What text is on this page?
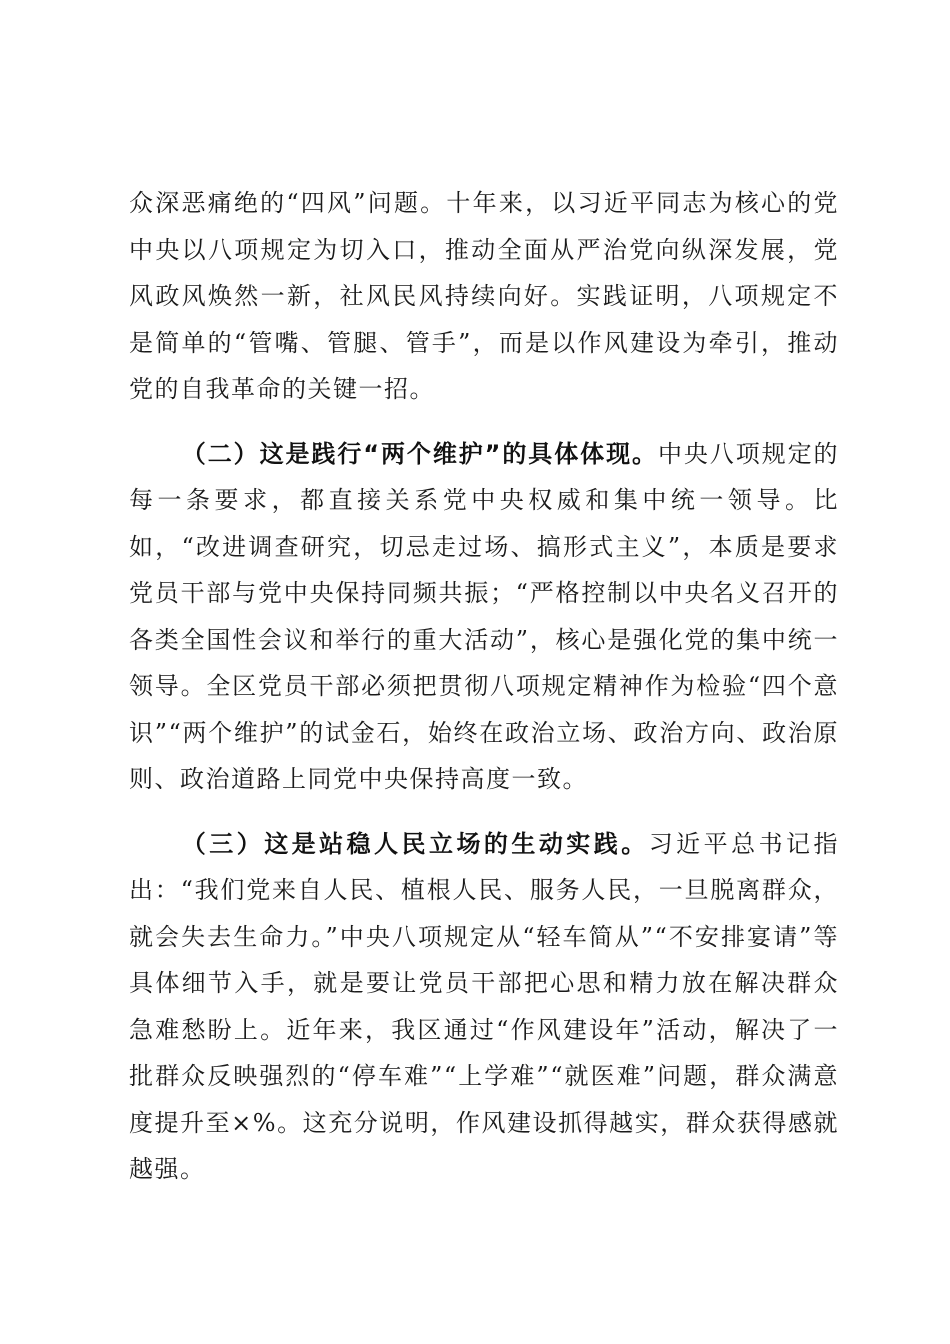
众深恶痛绝的“四风”问题。十年来，以习近平同志为核心的党中央以八项规定为切入口，推动全面从严治党向纵深发展，党风政风焕然一新，社风民风持续向好。实践证明，八项规定不是简单的“管嘴、管腿、管手”，而是以作风建设为牵引，推动党的自我革命的关键一招。

（二）这是践行“两个维护”的具体体现。中央八项规定的每一条要求，都直接关系党中央权威和集中统一领导。比如，“改进调查研究，切忌走过场、搞形式主义”，本质是要求党员干部与党中央保持同频共振；“严格控制以中央名义召开的各类全国性会议和举行的重大活动”，核心是强化党的集中统一领导。全区党员干部必须把贯彻八项规定精神作为检验“四个意识”“两个维护”的试金石，始终在政治立场、政治方向、政治原则、政治道路上同党中央保持高度一致。

（三）这是站稳人民立场的生动实践。习近平总书记指出：“我们党来自人民、植根人民、服务人民，一旦脱离群众，就会失去生命力。”中央八项规定从“轻车简从”“不安排宴请”等具体细节入手，就是要让党员干部把心思和精力放在解决群众急难愁盼上。近年来，我区通过“作风建设年”活动，解决了一批群众反映强烈的“停车难”“上学难”“就医难”问题，群众满意度提升至×%。这充分说明，作风建设抓得越实，群众获得感就越强。
